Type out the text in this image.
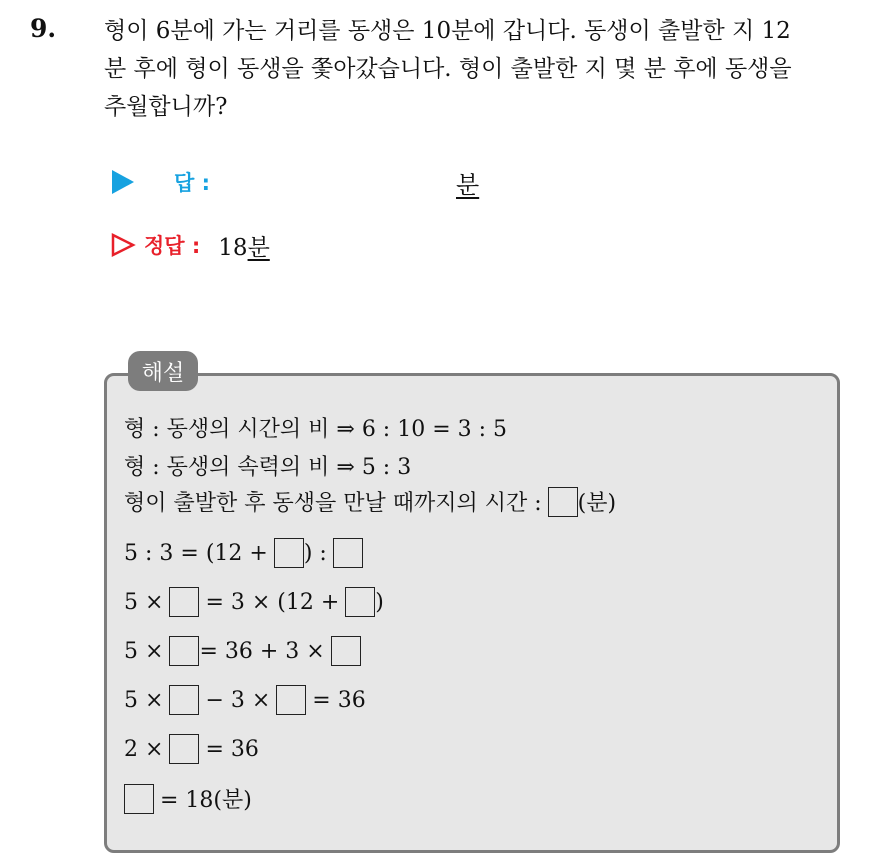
9. 형이 6분에 가는 거리를 동생은 10분에 갑니다. 동생이 출발한 지 12
분 후에 형이 동생을 쫓아갔습니다. 형이 출발한 지 몇 분 후에 동생을
추월합니까?
답 :	분
정답 : 18분
해설
형 : 동생의 시간의 비 ⇒ 6 : 10 = 3 : 5
형 : 동생의 속력의 비 ⇒ 5 : 3
형이 출발한 후 동생을 만날 때까지의 시간 : (분)
5 : 3 = (12 + ) :
5 × = 3 × (12 + )
5 × = 36 + 3 ×
5 × − 3 × = 36
2 × = 36
= 18(분)
